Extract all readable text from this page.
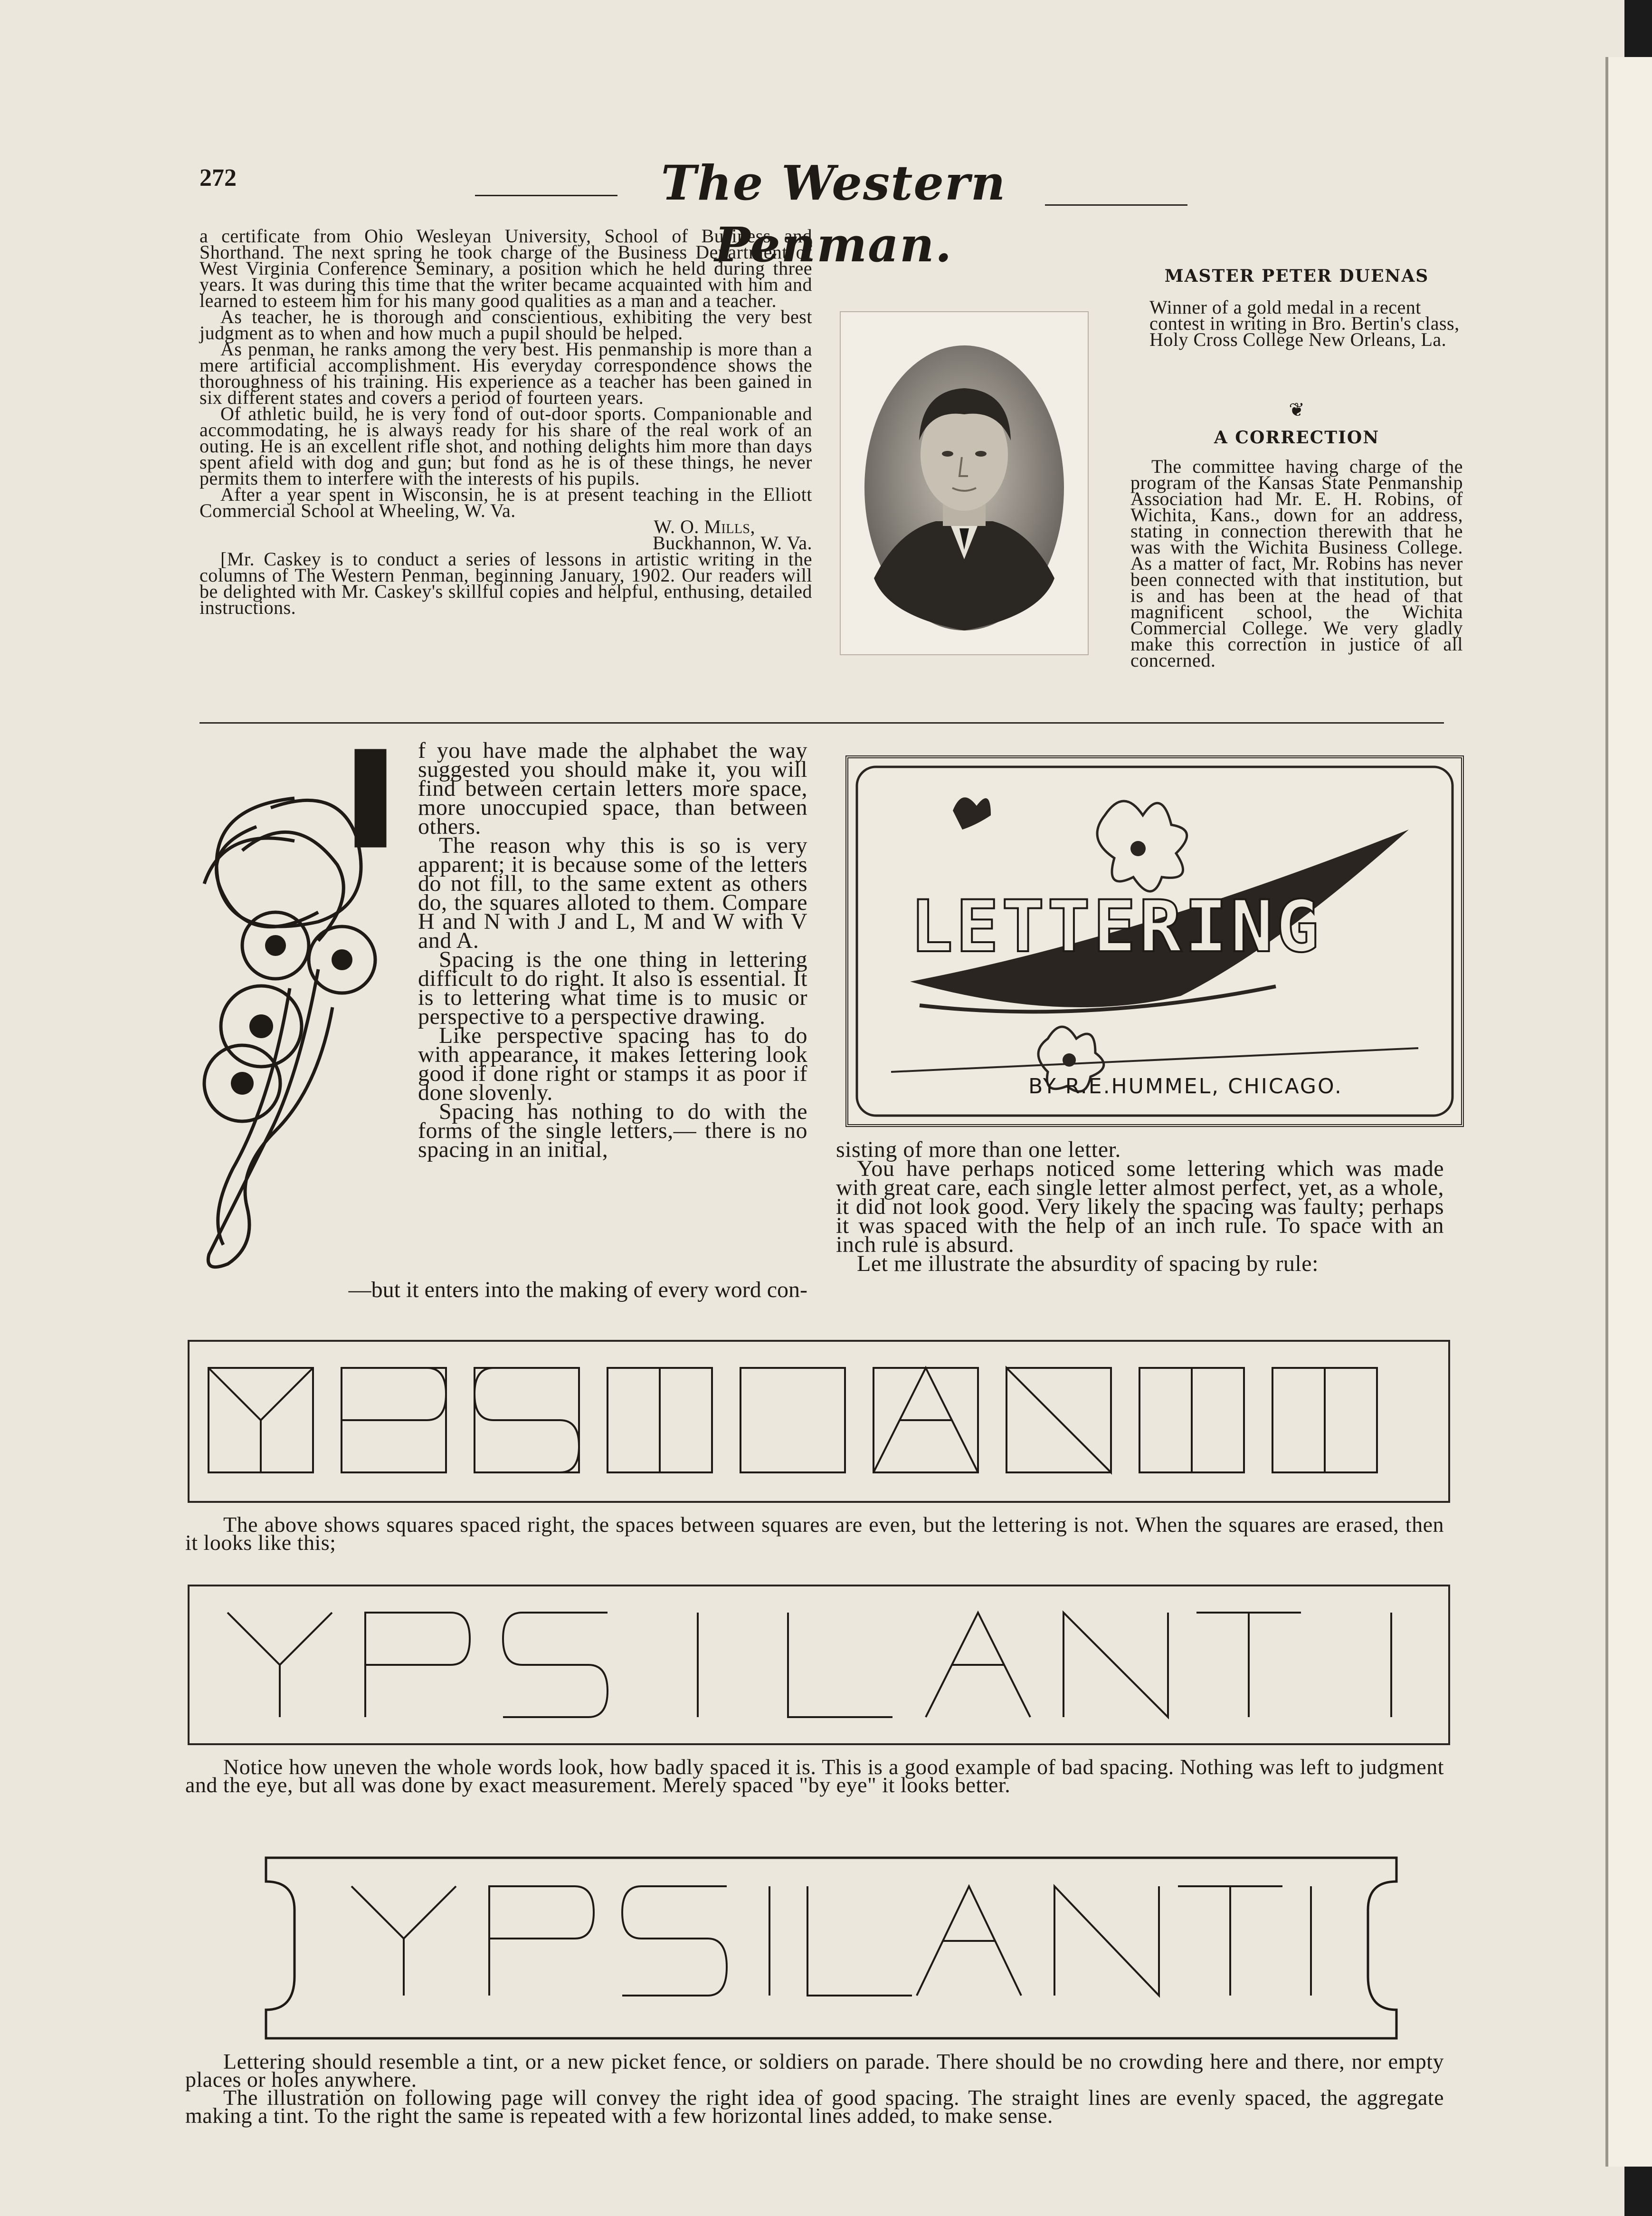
272	The Western Penman.

a certificate from Ohio Wesleyan University, School of Business and Shorthand. The next spring he took charge of the Business Department of West Virginia Conference Seminary, a position which he held during three years. It was during this time that the writer became acquainted with him and learned to esteem him for his many good qualities as a man and a teacher.

As teacher, he is thorough and conscientious, exhibiting the very best judgment as to when and how much a pupil should be helped.

As penman, he ranks among the very best. His penmanship is more than a mere artificial accomplishment. His everyday correspondence shows the thoroughness of his training. His experience as a teacher has been gained in six different states and covers a period of fourteen years.

Of athletic build, he is very fond of out-door sports. Companionable and accommodating, he is always ready for his share of the real work of an outing. He is an excellent rifle shot, and nothing delights him more than days spent afield with dog and gun; but fond as he is of these things, he never permits them to interfere with the interests of his pupils.

After a year spent in Wisconsin, he is at present teaching in the Elliott Commercial School at Wheeling, W. Va.

W. O. Mills,

Buckhannon, W. Va.

[Mr. Caskey is to conduct a series of lessons in artistic writing in the columns of The Western Penman, beginning January, 1902. Our readers will be delighted with Mr. Caskey's skillful copies and helpful, enthusing, detailed instructions.

MASTER PETER DUENAS
Winner of a gold medal in a recent contest in writing in Bro. Bertin's class, Holy Cross College New Orleans, La.
❦
A CORRECTION
The committee having charge of the program of the Kansas State Penmanship Association had Mr. E. H. Robins, of Wichita, Kans., down for an address, stating in connection therewith that he was with the Wichita Business College. As a matter of fact, Mr. Robins has never been connected with that institution, but is and has been at the head of that magnificent school, the Wichita Commercial College. We very gladly make this correction in justice of all concerned.

f you have made the alphabet the way suggested you should make it, you will find between certain letters more space, more unoccupied space, than between others.

The reason why this is so is very apparent; it is because some of the letters do not fill, to the same extent as others do, the squares alloted to them. Compare H and N with J and L, M and W with V and A.

Spacing is the one thing in lettering difficult to do right. It also is essential. It is to lettering what time is to music or perspective to a perspective drawing.

Like perspective spacing has to do with appearance, it makes lettering look good if done right or stamps it as poor if done slovenly.

Spacing has nothing to do with the forms of the single letters,— there is no spacing in an initial,

—but it enters into the making of every word con-
LETTERING
BY R.E.HUMMEL, CHICAGO.

sisting of more than one letter.

You have perhaps noticed some lettering which was made with great care, each single letter almost perfect, yet, as a whole, it did not look good. Very likely the spacing was faulty; perhaps it was spaced with the help of an inch rule. To space with an inch rule is absurd.

Let me illustrate the absurdity of spacing by rule:

The above shows squares spaced right, the spaces between squares are even, but the lettering is not. When the squares are erased, then it looks like this;
Notice how uneven the whole words look, how badly spaced it is. This is a good example of bad spacing. Nothing was left to judgment and the eye, but all was done by exact measurement. Merely spaced "by eye" it looks better.

Lettering should resemble a tint, or a new picket fence, or soldiers on parade. There should be no crowding here and there, nor empty places or holes anywhere.

The illustration on following page will convey the right idea of good spacing. The straight lines are evenly spaced, the aggregate making a tint. To the right the same is repeated with a few horizontal lines added, to make sense.
